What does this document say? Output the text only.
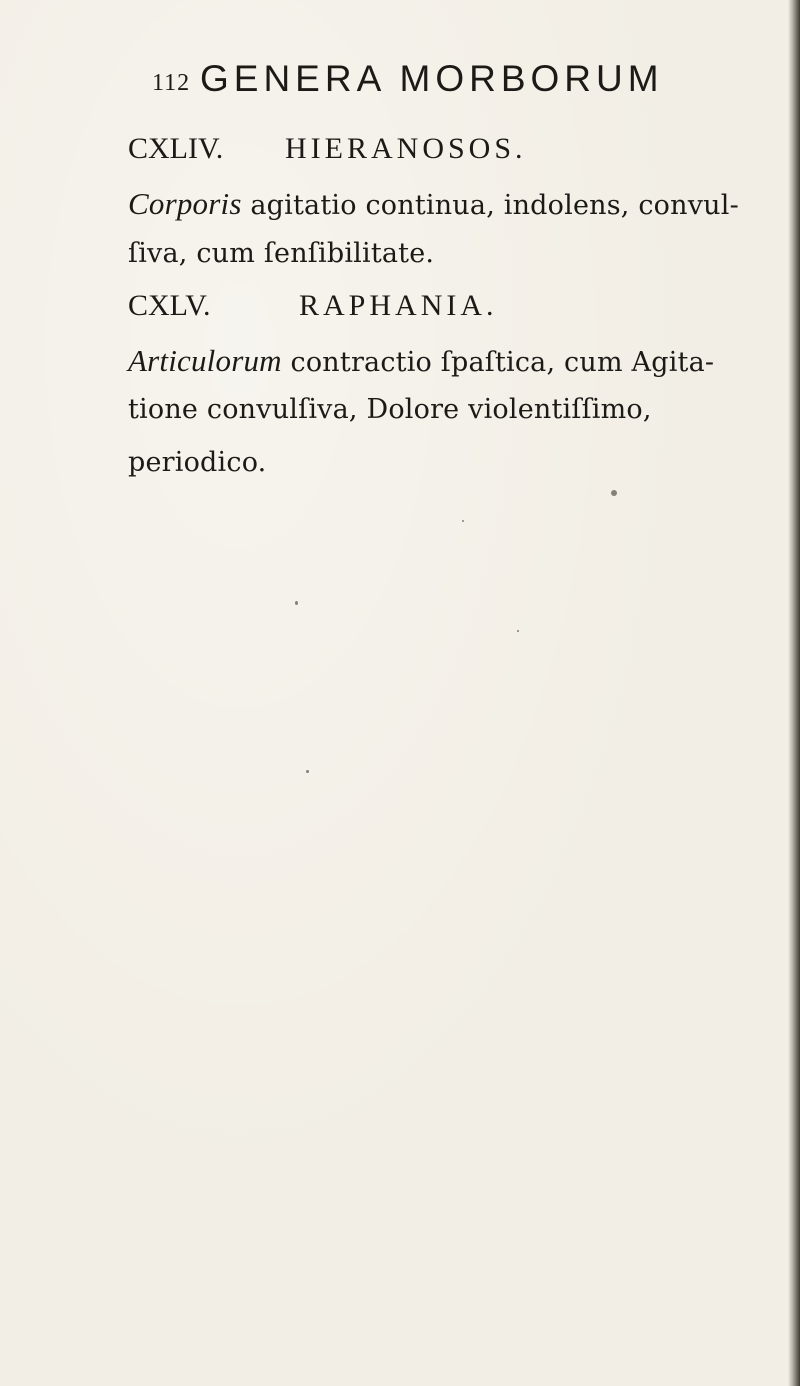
112 GENERA MORBORUM
CXLIV. HIERANOSOS.
Corporis agitatio continua, indolens, convul-
ſiva, cum ſenſibilitate.
CXLV.	RAPHANIA.
Articulorum contractio ſpaſtica, cum Agita-
tione convulſiva, Dolore violentiſſimo,
periodico.
